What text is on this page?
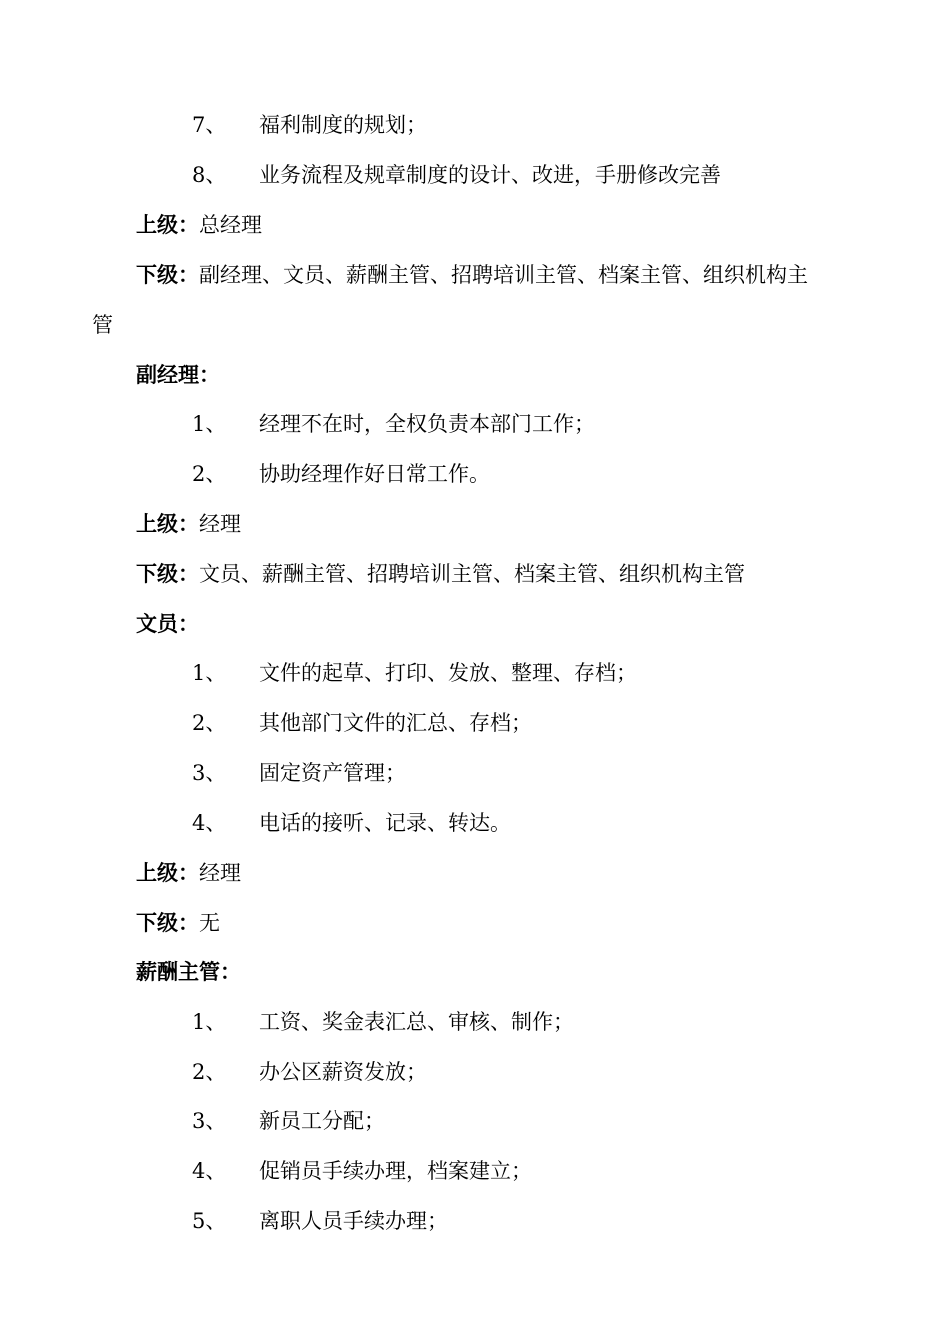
7、 福利制度的规划；
8、 业务流程及规章制度的设计、改进，手册修改完善
上级：总经理
下级：副经理、文员、薪酬主管、招聘培训主管、档案主管、组织机构主
管
副经理：
1、 经理不在时，全权负责本部门工作；
2、 协助经理作好日常工作。
上级：经理
下级：文员、薪酬主管、招聘培训主管、档案主管、组织机构主管
文员：
1、 文件的起草、打印、发放、整理、存档；
2、 其他部门文件的汇总、存档；
3、 固定资产管理；
4、 电话的接听、记录、转达。
上级：经理
下级：无
薪酬主管：
1、 工资、奖金表汇总、审核、制作；
2、 办公区薪资发放；
3、 新员工分配；
4、 促销员手续办理，档案建立；
5、 离职人员手续办理；
